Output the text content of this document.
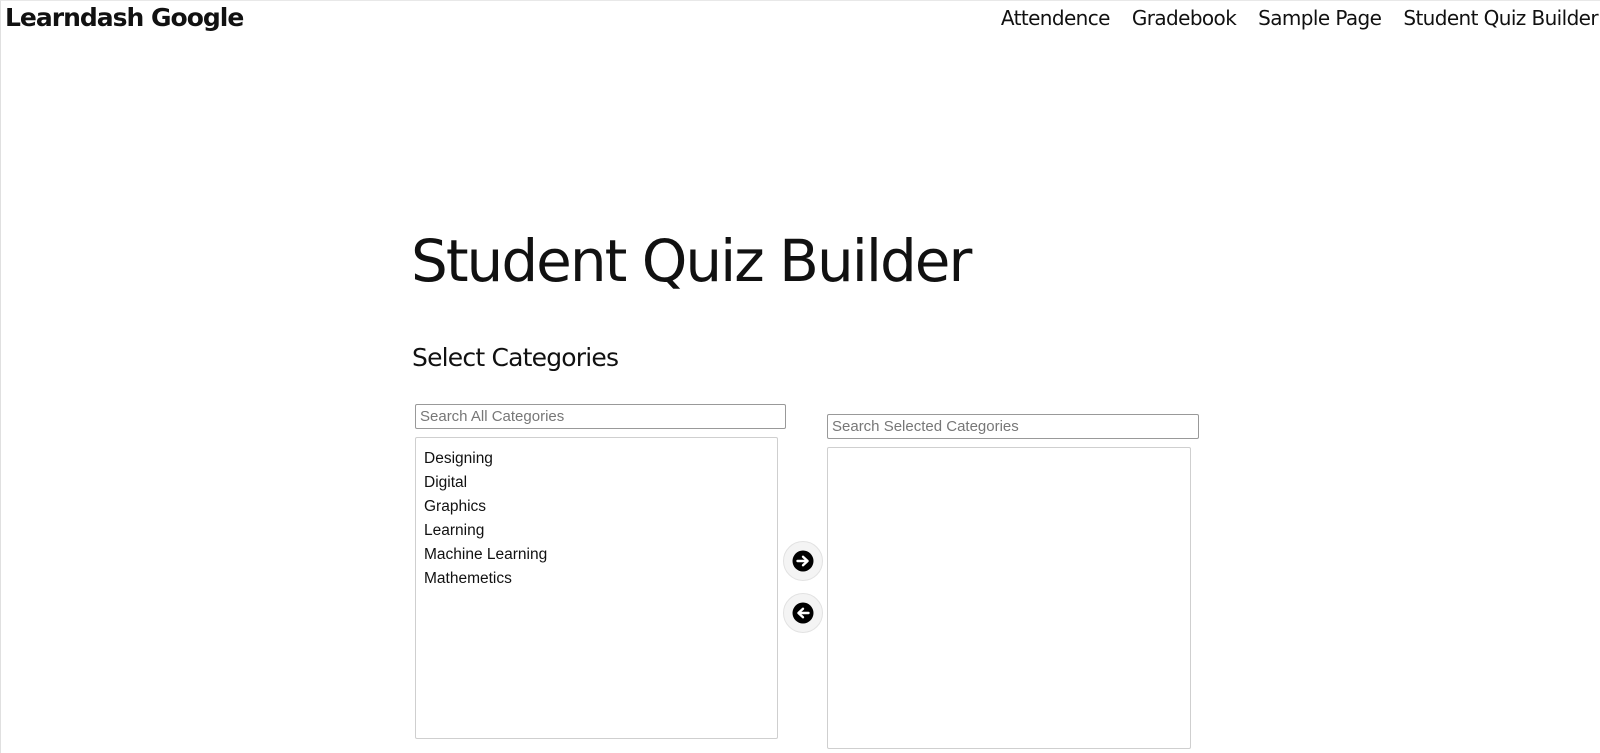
Learndash Google	Attendence Gradebook Sample Page Student Quiz Builder
Student Quiz Builder
Select Categories
Search All Categories
Designing
Digital
Graphics
Learning
Machine Learning
Mathemetics
Search Selected Categories
